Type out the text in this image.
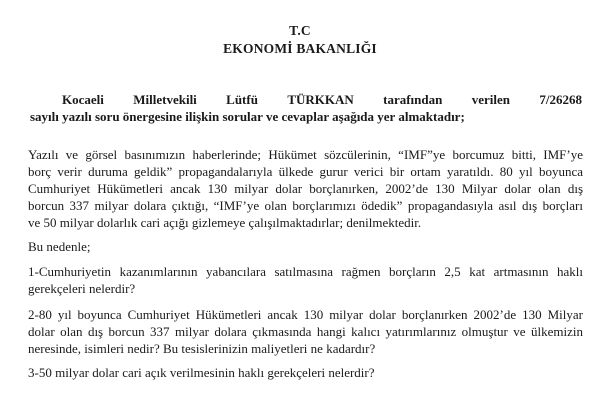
T.C
EKONOMİ BAKANLIĞI
Kocaeli Milletvekili Lütfü TÜRKKAN tarafından verilen 7/26268
sayılı yazılı soru önergesine ilişkin sorular ve cevaplar aşağıda yer almaktadır;
Yazılı ve görsel basınımızın haberlerinde; Hükümet sözcülerinin, “IMF”ye borcumuz bitti, IMF’ye
borç verir duruma geldik” propagandalarıyla ülkede gurur verici bir ortam yaratıldı. 80 yıl boyunca
Cumhuriyet Hükümetleri ancak 130 milyar dolar borçlanırken, 2002’de 130 Milyar dolar olan dış
borcun 337 milyar dolara çıktığı, “IMF’ye olan borçlarımızı ödedik” propagandasıyla asıl dış borçları
ve 50 milyar dolarlık cari açığı gizlemeye çalışılmaktadırlar; denilmektedir.
Bu nedenle;
1-Cumhuriyetin kazanımlarının yabancılara satılmasına rağmen borçların 2,5 kat artmasının haklı
gerekçeleri nelerdir?
2-80 yıl boyunca Cumhuriyet Hükümetleri ancak 130 milyar dolar borçlanırken 2002’de 130 Milyar
dolar olan dış borcun 337 milyar dolara çıkmasında hangi kalıcı yatırımlarınız olmuştur ve ülkemizin
neresinde, isimleri nedir? Bu tesislerinizin maliyetleri ne kadardır?
3-50 milyar dolar cari açık verilmesinin haklı gerekçeleri nelerdir?
